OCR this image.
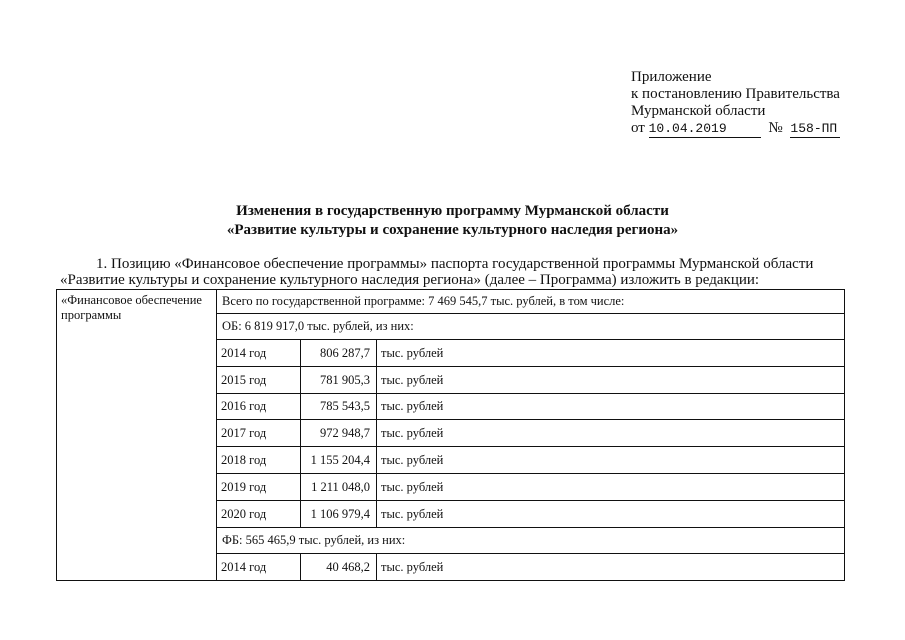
Приложение
к постановлению Правительства
Мурманской области
от 10.04.2019	№ 158-ПП
Изменения в государственную программу Мурманской области
«Развитие культуры и сохранение культурного наследия региона»

1. Позицию «Финансовое обеспечение программы» паспорта государственной программы Мурманской области

«Развитие культуры и сохранение культурного наследия региона» (далее – Программа) изложить в редакции:

«Финансовое обеспечение программы	Всего по государственной программе: 7 469 545,7 тыс. рублей, в том числе:		
	ОБ: 6 819 917,0 тыс. рублей, из них:		
	2014 год	806 287,7	тыс. рублей
	2015 год	781 905,3	тыс. рублей
	2016 год	785 543,5	тыс. рублей
	2017 год	972 948,7	тыс. рублей
	2018 год	1 155 204,4	тыс. рублей
	2019 год	1 211 048,0	тыс. рублей
	2020 год	1 106 979,4	тыс. рублей
	ФБ: 565 465,9 тыс. рублей, из них:		
	2014 год	40 468,2	тыс. рублей
